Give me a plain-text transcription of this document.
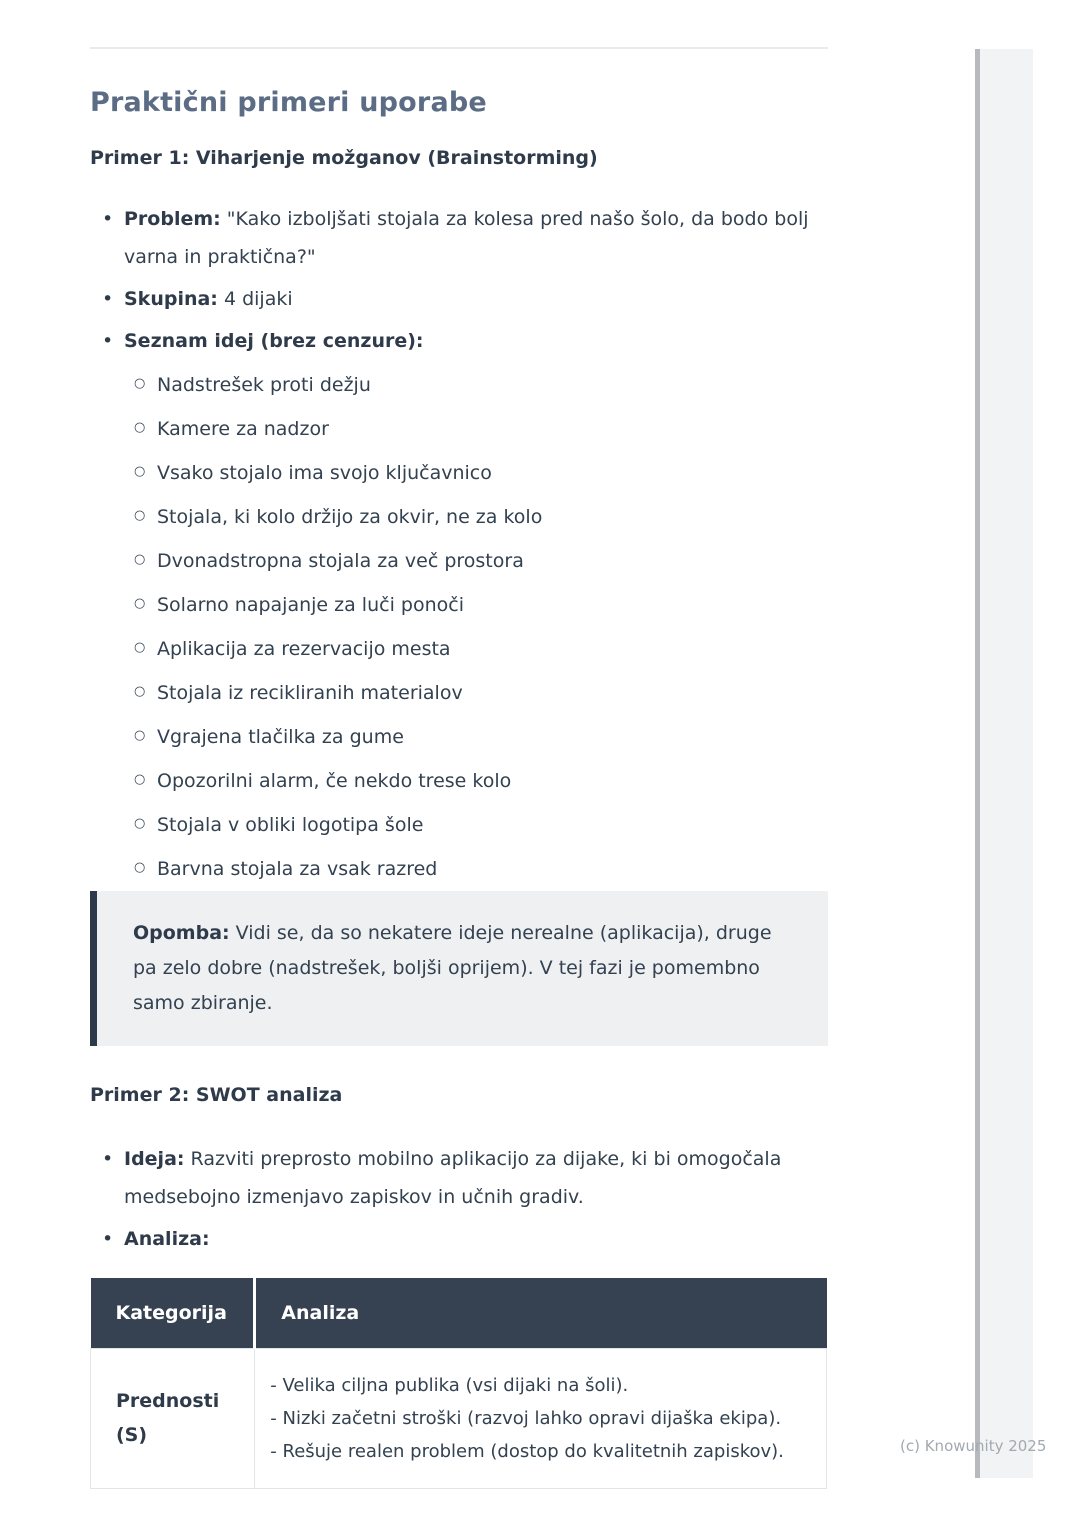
Praktični primeri uporabe
Primer 1: Viharjenje možganov (Brainstorming)
• Problem: "Kako izboljšati stojala za kolesa pred našo šolo, da bodo bolj varna in praktična?"
• Skupina: 4 dijaki
• Seznam idej (brez cenzure):
○ Nadstrešek proti dežju
○ Kamere za nadzor
○ Vsako stojalo ima svojo ključavnico
○ Stojala, ki kolo držijo za okvir, ne za kolo
○ Dvonadstropna stojala za več prostora
○ Solarno napajanje za luči ponoči
○ Aplikacija za rezervacijo mesta
○ Stojala iz recikliranih materialov
○ Vgrajena tlačilka za gume
○ Opozorilni alarm, če nekdo trese kolo
○ Stojala v obliki logotipa šole
○ Barvna stojala za vsak razred
Opomba: Vidi se, da so nekatere ideje nerealne (aplikacija), druge pa zelo dobre (nadstrešek, boljši oprijem). V tej fazi je pomembno samo zbiranje.
Primer 2: SWOT analiza
• Ideja: Razviti preprosto mobilno aplikacijo za dijake, ki bi omogočala medsebojno izmenjavo zapiskov in učnih gradiv.
• Analiza:
Kategorija	Analiza
Prednosti (S)	- Velika ciljna publika (vsi dijaki na šoli).
- Nizki začetni stroški (razvoj lahko opravi dijaška ekipa).
- Rešuje realen problem (dostop do kvalitetnih zapiskov).	(c) Knowunity 2025
